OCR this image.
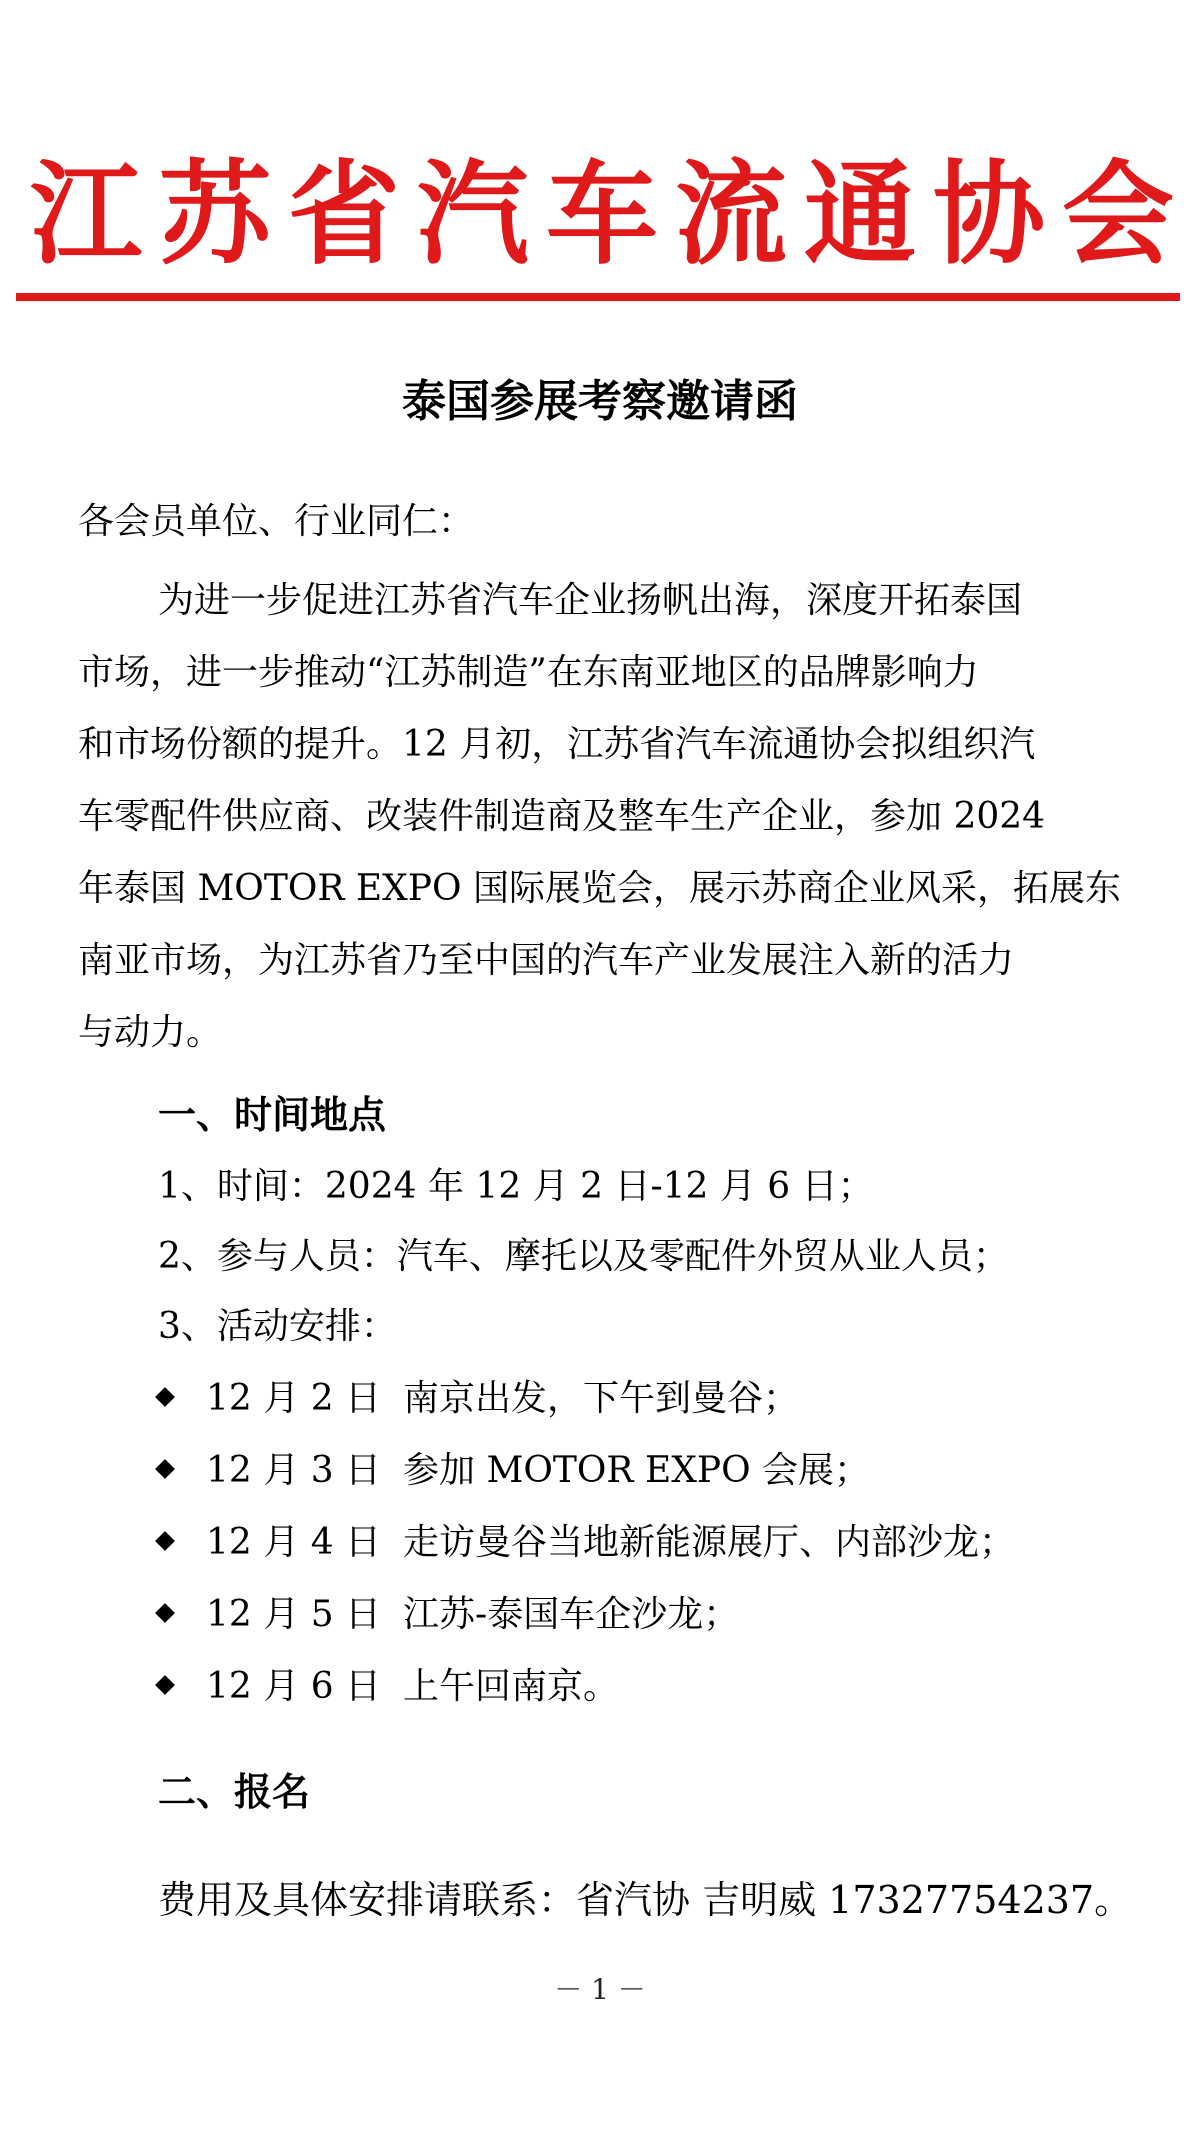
江 苏 省 汽 车 流 通 协 会
泰国参展考察邀请函
各会员单位、行业同仁：
为进一步促进江苏省汽车企业扬帆出海，深度开拓泰国
市场，进一步推动“江苏制造”在东南亚地区的品牌影响力
和市场份额的提升。12 月初，江苏省汽车流通协会拟组织汽
车零配件供应商、改装件制造商及整车生产企业，参加 2024
年泰国 MOTOR EXPO 国际展览会，展示苏商企业风采，拓展东
南亚市场，为江苏省乃至中国的汽车产业发展注入新的活力
与动力。
一、时间地点
1、时间：2024 年 12 月 2 日-12 月 6 日；
2、参与人员：汽车、摩托以及零配件外贸从业人员；
3、活动安排：
12 月 2 日 南京出发，下午到曼谷；
12 月 3 日 参加 MOTOR EXPO 会展；
12 月 4 日 走访曼谷当地新能源展厅、内部沙龙；
12 月 5 日 江苏-泰国车企沙龙；
12 月 6 日 上午回南京。
二、报名
费用及具体安排请联系：省汽协 吉明威 17327754237。
－ 1 －
